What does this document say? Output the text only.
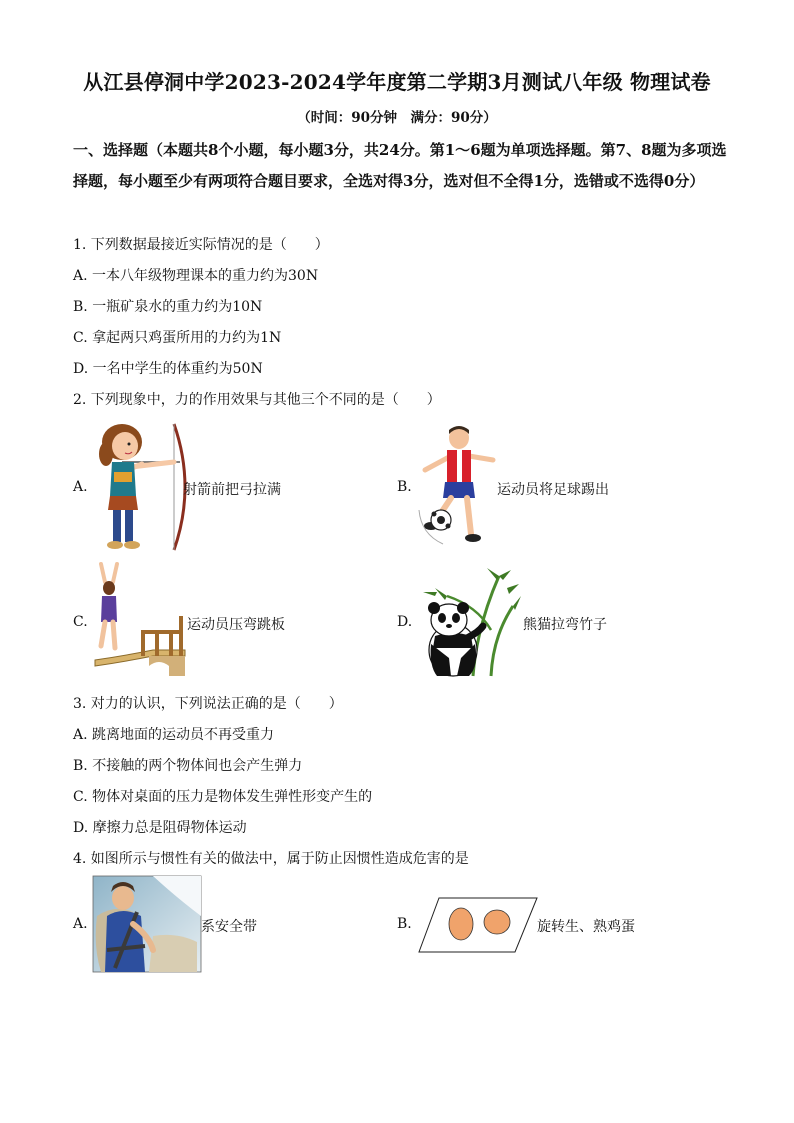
从江县停洞中学2023-2024学年度第二学期3月测试八年级 物理试卷
（时间：90分钟　满分：90分）
一、选择题（本题共8个小题，每小题3分，共24分。第1～6题为单项选择题。第7、8题为多项选择题，每小题至少有两项符合题目要求，全选对得3分，选对但不全得1分，选错或不选得0分）
1. 下列数据最接近实际情况的是（　　）
A. 一本八年级物理课本的重力约为30N
B. 一瓶矿泉水的重力约为10N
C. 拿起两只鸡蛋所用的力约为1N
D. 一名中学生的体重约为50N
2. 下列现象中，力的作用效果与其他三个不同的是（　　）
A.	射箭前把弓拉满	B.	运动员将足球踢出
C.	运动员压弯跳板	D.	熊猫拉弯竹子
3. 对力的认识，下列说法正确的是（　　）
A. 跳离地面的运动员不再受重力
B. 不接触的两个物体间也会产生弹力
C. 物体对桌面的压力是物体发生弹性形变产生的
D. 摩擦力总是阻碍物体运动
4. 如图所示与惯性有关的做法中，属于防止因惯性造成危害的是
A.	系安全带	B.	旋转生、熟鸡蛋
